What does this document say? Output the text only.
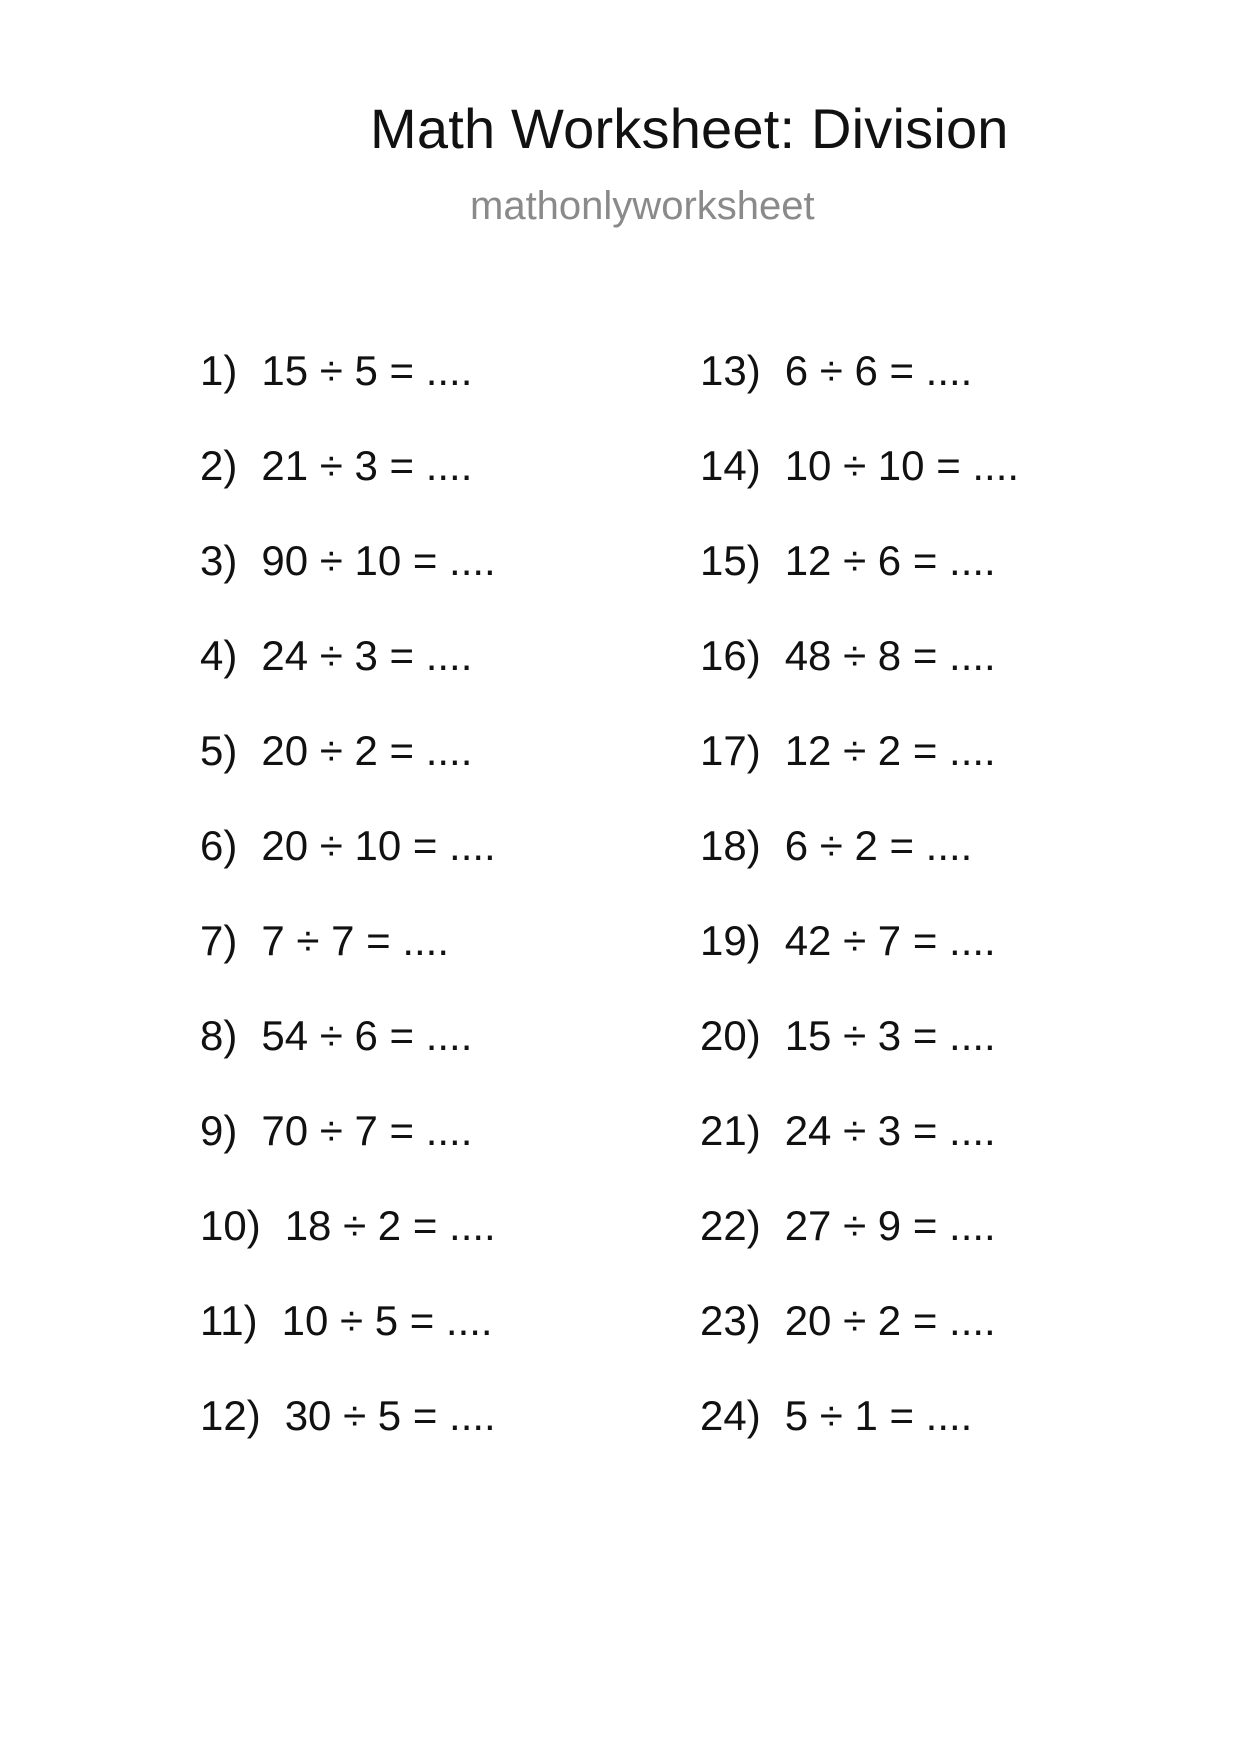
Math Worksheet: Division
mathonlyworksheet
1) 15 ÷ 5 = ....
2) 21 ÷ 3 = ....
3) 90 ÷ 10 = ....
4) 24 ÷ 3 = ....
5) 20 ÷ 2 = ....
6) 20 ÷ 10 = ....
7) 7 ÷ 7 = ....
8) 54 ÷ 6 = ....
9) 70 ÷ 7 = ....
10) 18 ÷ 2 = ....
11) 10 ÷ 5 = ....
12) 30 ÷ 5 = ....
13) 6 ÷ 6 = ....
14) 10 ÷ 10 = ....
15) 12 ÷ 6 = ....
16) 48 ÷ 8 = ....
17) 12 ÷ 2 = ....
18) 6 ÷ 2 = ....
19) 42 ÷ 7 = ....
20) 15 ÷ 3 = ....
21) 24 ÷ 3 = ....
22) 27 ÷ 9 = ....
23) 20 ÷ 2 = ....
24) 5 ÷ 1 = ....
